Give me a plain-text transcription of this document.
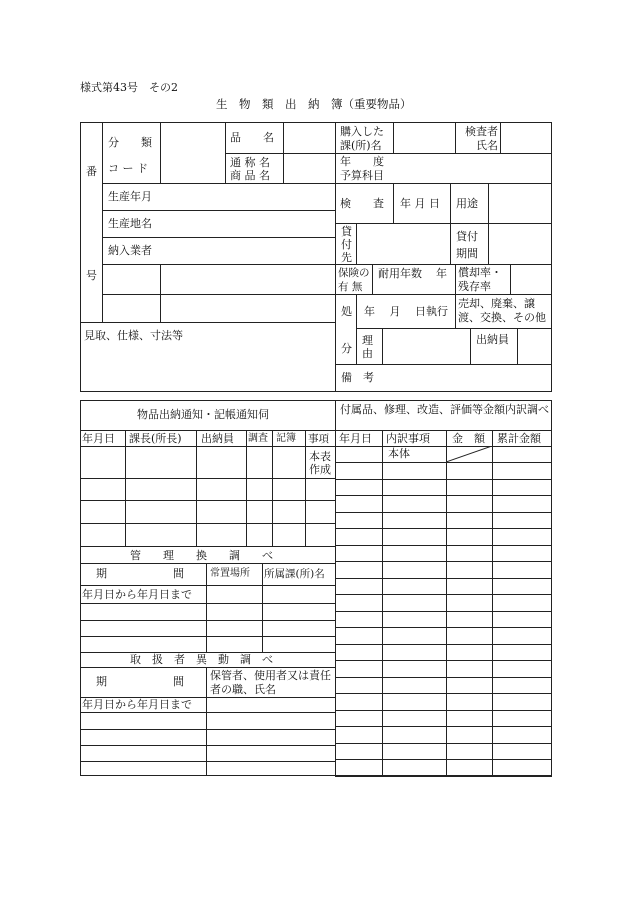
様式第43号　その2
生　物　類　出　納　簿（重要物品）
番
号
分　　類
コ ー ド
品　　名
通 称 名
商 品 名
購入した課(所)名
検査者氏名
年　　度
予算科目
生産年月
生産地名
納入業者
検　　査 年 月 日 用途
貸付先
貸付期間
保険の有 無
耐用年数 年 償却率・残存率
処
分
年　 月　 日執行
売却、廃棄、譲渡、交換、その他
理由
出納員
見取、仕様、寸法等
備　考
物品出納通知・記帳通知伺
年月日 課長(所長) 出納員 調査 記簿 事項
本表作成
管　　理　　換　　調　　べ
期　　　　　　間	常置場所 所属課(所)名
年月日から年月日まで
取　扱　者　異　動　調　べ
期　　　　　　間 保管者、使用者又は責任者の職、氏名
年月日から年月日まで
付属品、修理、改造、評価等金額内訳調べ
年月日 内訳事項 金　額 累計金額
本体
